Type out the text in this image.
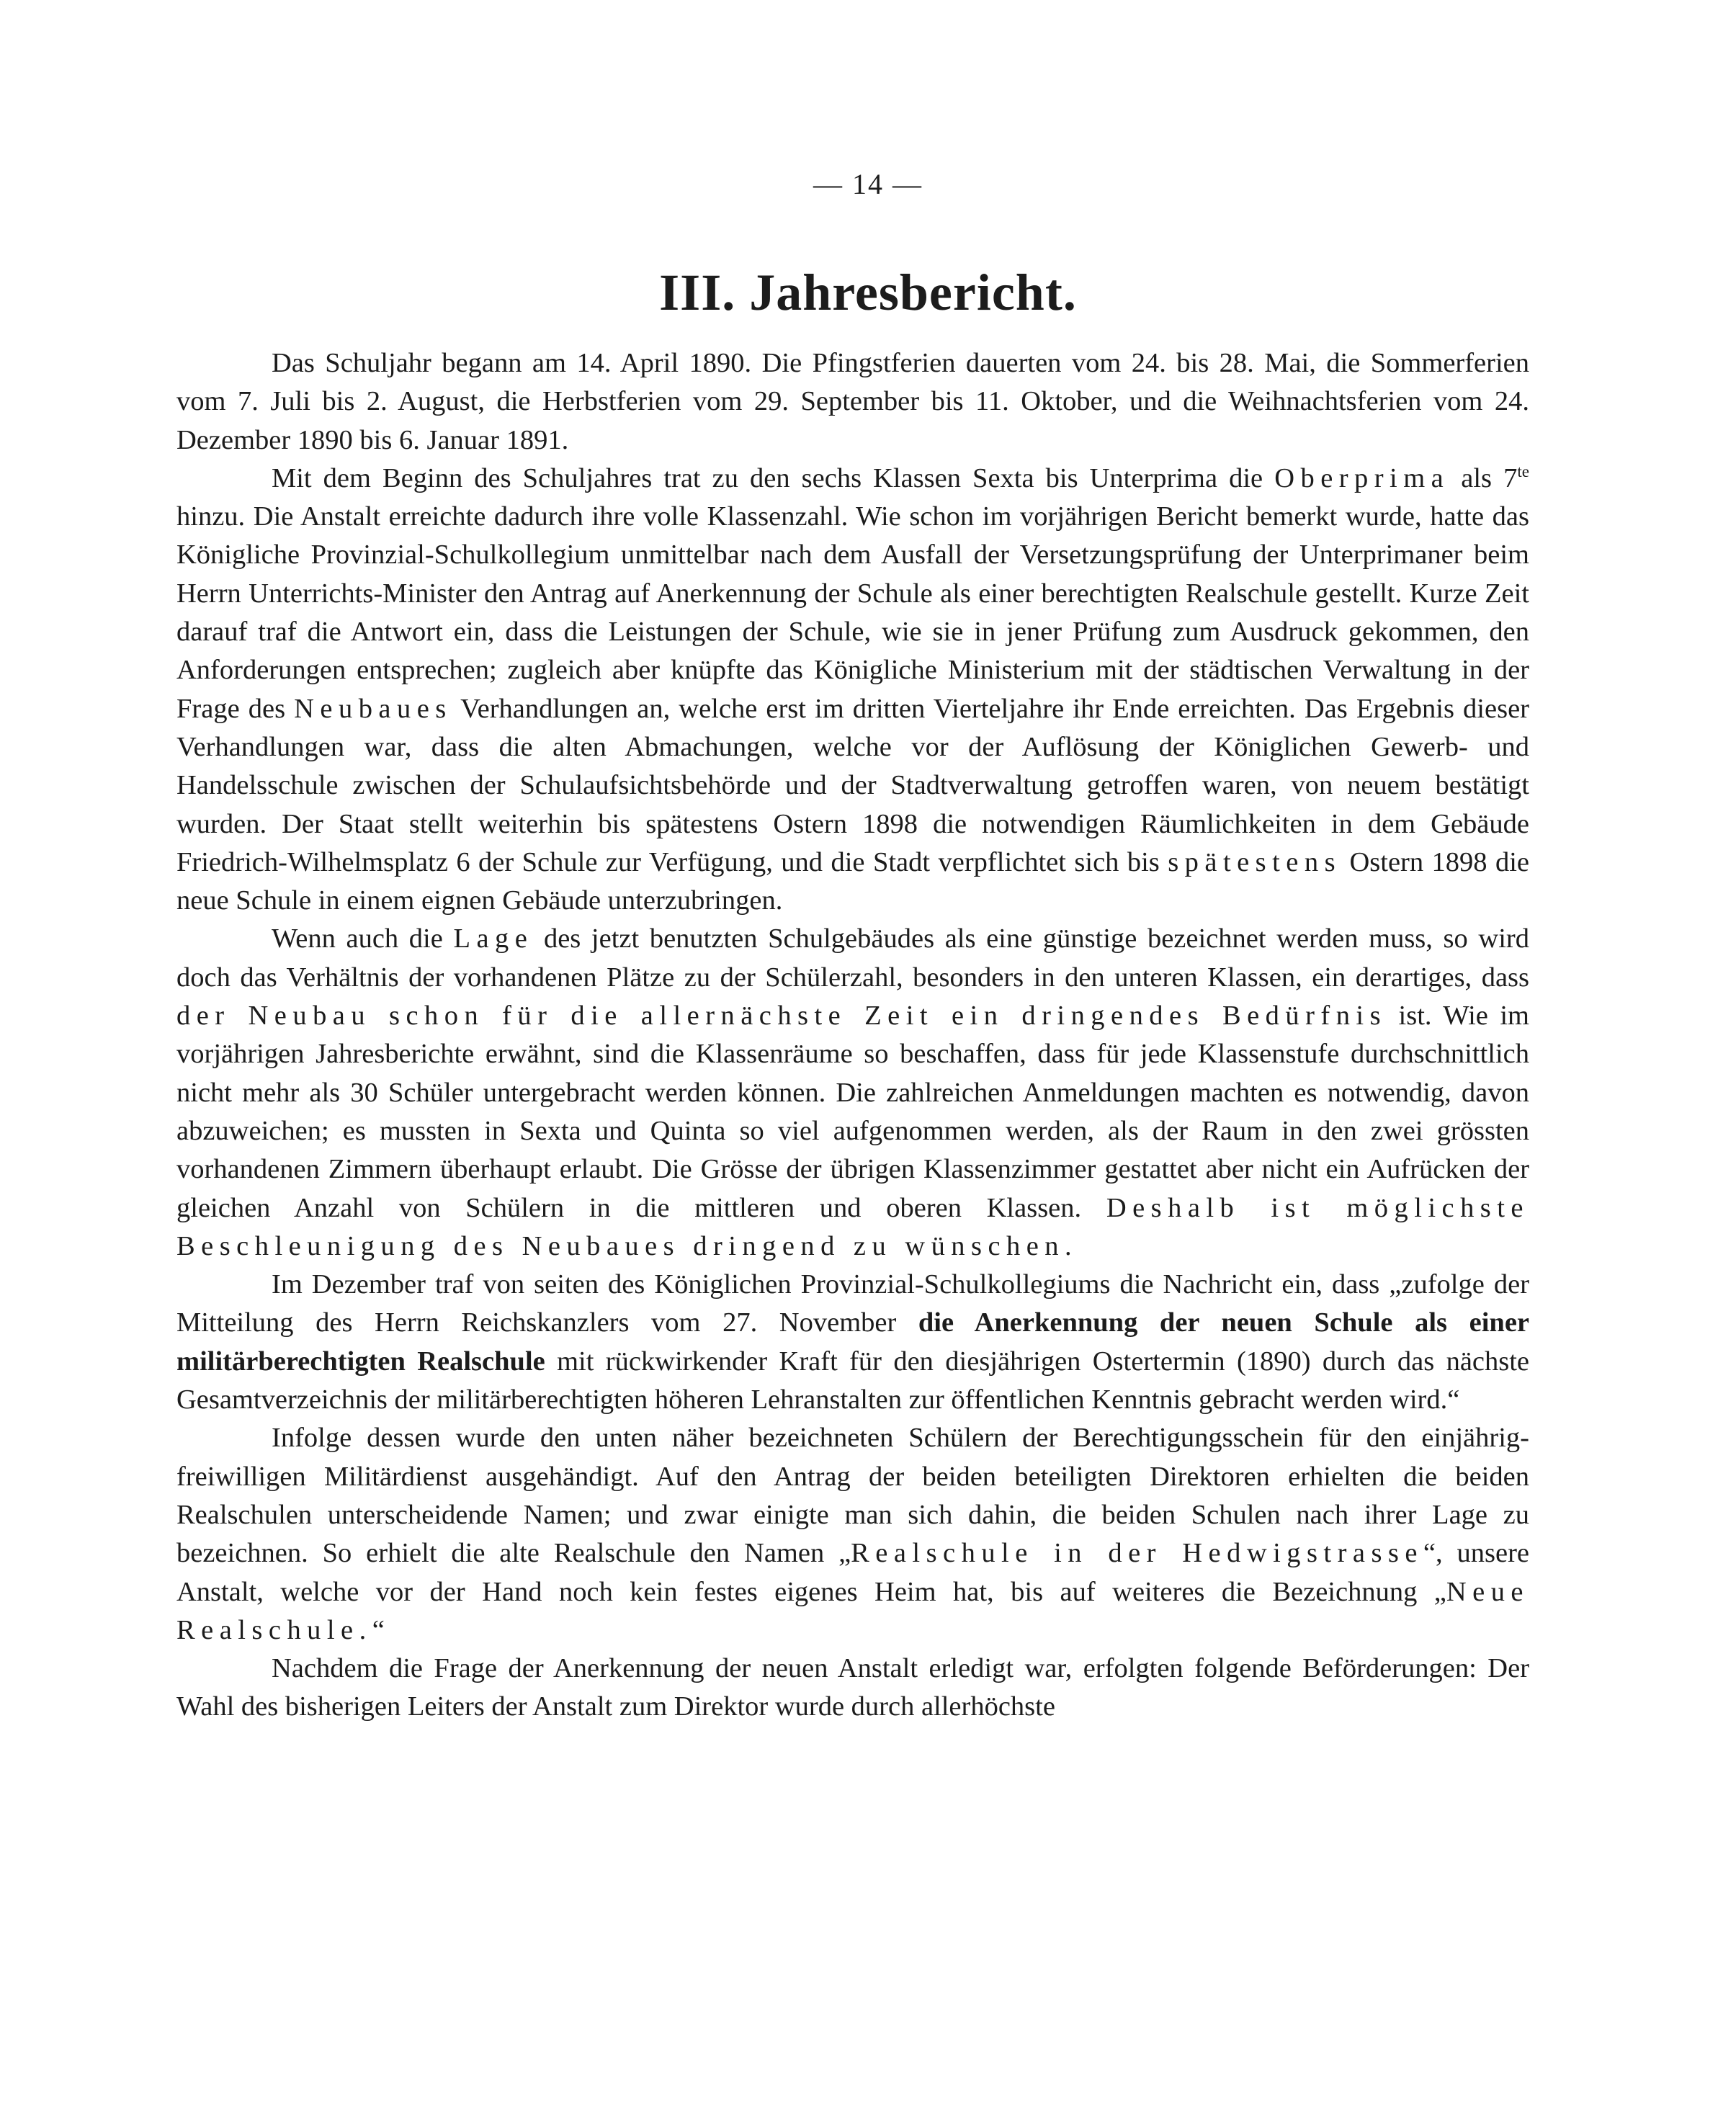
— 14 —
III. Jahresbericht.

Das Schuljahr begann am 14. April 1890. Die Pfingstferien dauerten vom 24. bis 28. Mai, die Sommerferien vom 7. Juli bis 2. August, die Herbstferien vom 29. September bis 11. Oktober, und die Weihnachtsferien vom 24. Dezember 1890 bis 6. Januar 1891.

Mit dem Beginn des Schuljahres trat zu den sechs Klassen Sexta bis Unterprima die Oberprima als $7^{te}$ hinzu. Die Anstalt erreichte dadurch ihre volle Klassenzahl. Wie schon im vorjährigen Bericht bemerkt wurde, hatte das Königliche Provinzial-Schulkollegium unmittelbar nach dem Ausfall der Versetzungsprüfung der Unterprimaner beim Herrn Unterrichts-Minister den Antrag auf Anerkennung der Schule als einer berechtigten Realschule gestellt. Kurze Zeit darauf traf die Antwort ein, dass die Leistungen der Schule, wie sie in jener Prüfung zum Ausdruck gekommen, den Anforderungen entsprechen; zugleich aber knüpfte das Königliche Ministerium mit der städtischen Verwaltung in der Frage des Neubaues Verhandlungen an, welche erst im dritten Vierteljahre ihr Ende erreichten. Das Ergebnis dieser Verhandlungen war, dass die alten Abmachungen, welche vor der Auflösung der Königlichen Gewerb- und Handelsschule zwischen der Schulaufsichtsbehörde und der Stadtverwaltung getroffen waren, von neuem bestätigt wurden. Der Staat stellt weiterhin bis spätestens Ostern 1898 die notwendigen Räumlichkeiten in dem Gebäude Friedrich-Wilhelmsplatz 6 der Schule zur Verfügung, und die Stadt verpflichtet sich bis spätestens Ostern 1898 die neue Schule in einem eignen Gebäude unterzubringen.

Wenn auch die Lage des jetzt benutzten Schulgebäudes als eine günstige bezeichnet werden muss, so wird doch das Verhältnis der vorhandenen Plätze zu der Schülerzahl, besonders in den unteren Klassen, ein derartiges, dass der Neubau schon für die allernächste Zeit ein dringendes Bedürfnis ist. Wie im vorjährigen Jahresberichte erwähnt, sind die Klassenräume so beschaffen, dass für jede Klassenstufe durchschnittlich nicht mehr als 30 Schüler untergebracht werden können. Die zahlreichen Anmeldungen machten es notwendig, davon abzuweichen; es mussten in Sexta und Quinta so viel aufgenommen werden, als der Raum in den zwei grössten vorhandenen Zimmern überhaupt erlaubt. Die Grösse der übrigen Klassenzimmer gestattet aber nicht ein Aufrücken der gleichen Anzahl von Schülern in die mittleren und oberen Klassen. Deshalb ist möglichste Beschleunigung des Neubaues dringend zu wünschen.

Im Dezember traf von seiten des Königlichen Provinzial-Schulkollegiums die Nachricht ein, dass „zufolge der Mitteilung des Herrn Reichskanzlers vom 27. November die Anerkennung der neuen Schule als einer militärberechtigten Realschule mit rückwirkender Kraft für den diesjährigen Ostertermin (1890) durch das nächste Gesamtverzeichnis der militärberechtigten höheren Lehranstalten zur öffentlichen Kenntnis gebracht werden wird.“

Infolge dessen wurde den unten näher bezeichneten Schülern der Berechtigungsschein für den einjährig-freiwilligen Militärdienst ausgehändigt. Auf den Antrag der beiden beteiligten Direktoren erhielten die beiden Realschulen unterscheidende Namen; und zwar einigte man sich dahin, die beiden Schulen nach ihrer Lage zu bezeichnen. So erhielt die alte Realschule den Namen „Realschule in der Hedwigstrasse“, unsere Anstalt, welche vor der Hand noch kein festes eigenes Heim hat, bis auf weiteres die Bezeichnung „Neue Realschule.“

Nachdem die Frage der Anerkennung der neuen Anstalt erledigt war, erfolgten folgende Beförderungen: Der Wahl des bisherigen Leiters der Anstalt zum Direktor wurde durch allerhöchste
